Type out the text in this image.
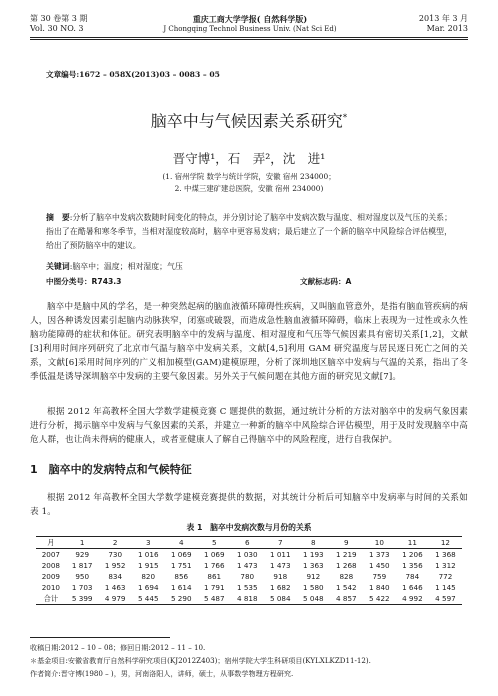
第 30 卷第 3 期
Vol. 30 NO. 3
重庆工商大学学报( 自然科学版)
J Chongqing Technol Business Univ. (Nat Sci Ed)
2013 年 3 月
Mar. 2013
文章编号:1672 – 058X(2013)03 – 0083 – 05
脑卒中与气候因素关系研究*
晋守博¹，石　弄²，沈　进¹
(1. 宿州学院 数学与统计学院，安徽 宿州 234000；
2. 中煤三建矿建总医院，安徽 宿州 234000)
摘　要:分析了脑卒中发病次数随时间变化的特点，并分别讨论了脑卒中发病次数与温度、相对湿度以及气压的关系；指出了在酷暑和寒冬季节，当相对湿度较高时，脑卒中更容易发病；最后建立了一个新的脑卒中风险综合评估模型，给出了预防脑卒中的建议。
关键词:脑卒中；温度；相对湿度；气压
中图分类号：R743.3	文献标志码：A
脑卒中是脑中风的学名，是一种突然起病的脑血液循环障碍性疾病，又叫脑血管意外，是指有脑血管疾病的病人，因各种诱发因素引起脑内动脉狭窄，闭塞或破裂，而造成急性脑血液循环障碍，临床上表现为一过性或永久性脑功能障碍的症状和体征。研究表明脑卒中的发病与温度、相对湿度和气压等气候因素具有密切关系[1,2]，文献[3]利用时间序列研究了北京市气温与脑卒中发病关系，文献[4,5]利用 GAM 研究温度与居民逐日死亡之间的关系，文献[6]采用时间序列的广义相加模型(GAM)建模原理，分析了深圳地区脑卒中发病与气温的关系，指出了冬季低温是诱导深圳脑卒中发病的主要气象因素。另外关于气候问题在其他方面的研究见文献[7]。
根据 2012 年高教杯全国大学数学建模竞赛 C 题提供的数据，通过统计分析的方法对脑卒中的发病气象因素进行分析，揭示脑卒中发病与气象因素的关系，并建立一种新的脑卒中风险综合评估模型，用于及时发现脑卒中高危人群，也让尚未得病的健康人，或者亚健康人了解自己得脑卒中的风险程度，进行自我保护。
1　脑卒中的发病特点和气候特征
根据 2012 年高教杯全国大学数学建模竞赛提供的数据，对其统计分析后可知脑卒中发病率与时间的关系如表 1。
表 1　脑卒中发病次数与月份的关系
月	1	2	3	4	5	6	7	8	9	10	11	12
2007	929	730	1 016	1 069	1 069	1 030	1 011	1 193	1 219	1 373	1 206	1 368
2008	1 817	1 952	1 915	1 751	1 766	1 473	1 473	1 363	1 268	1 450	1 356	1 312
2009	950	834	820	856	861	780	918	912	828	759	784	772
2010	1 703	1 463	1 694	1 614	1 791	1 535	1 682	1 580	1 542	1 840	1 646	1 145
合计	5 399	4 979	5 445	5 290	5 487	4 818	5 084	5 048	4 857	5 422	4 992	4 597
收稿日期:2012 – 10 – 08；修回日期:2012 – 11 – 10.
＊基金项目:安徽省教育厅自然科学研究项目(KJ2012Z403)；宿州学院大学生科研项目(KYLXLKZD11-12).
作者简介:晋守博(1980 – )，男，河南洛阳人，讲师，硕士，从事数学物理方程研究.
